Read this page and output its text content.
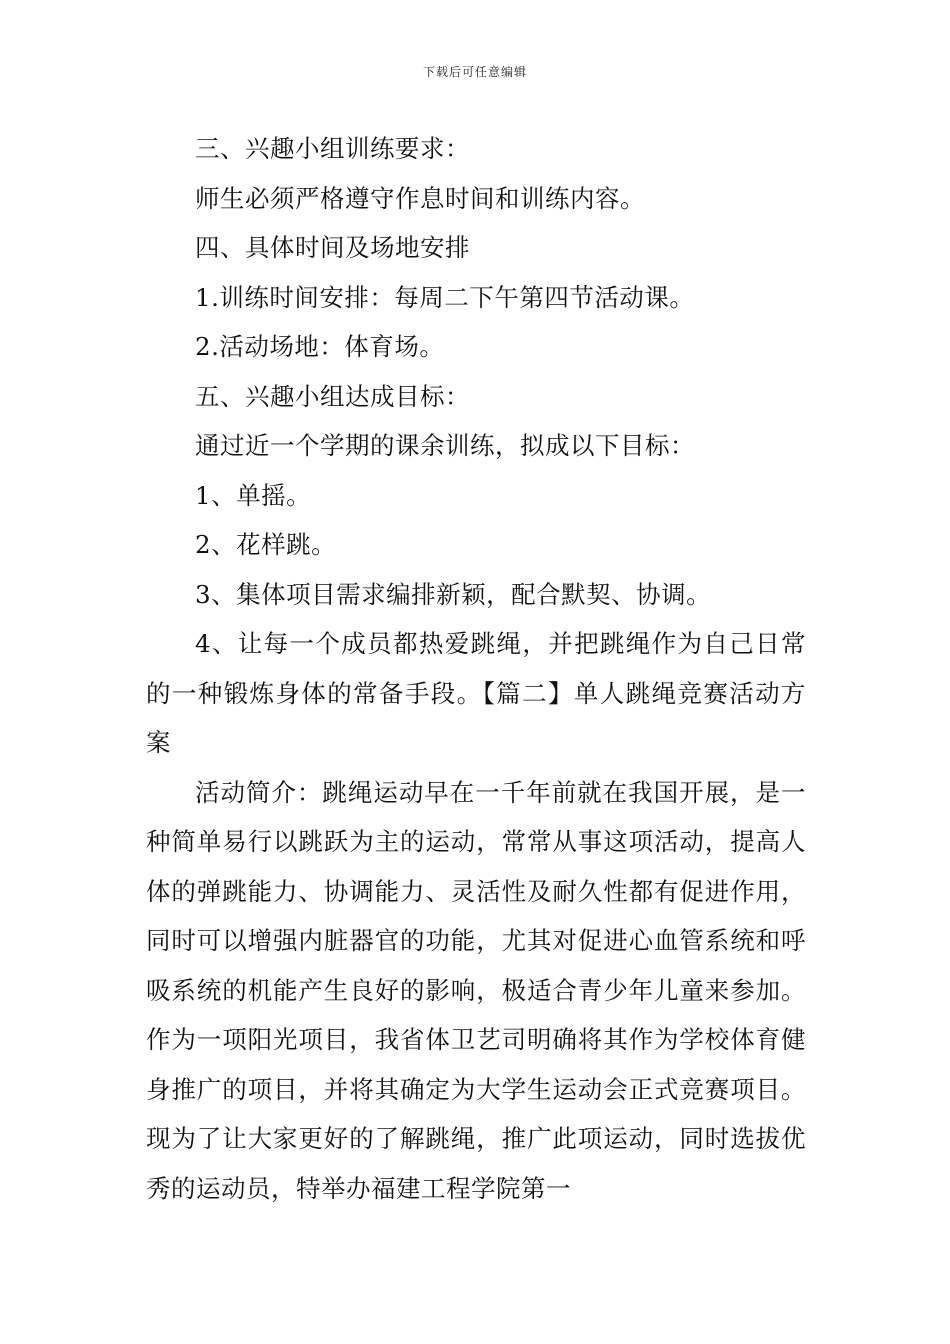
下载后可任意编辑

三、兴趣小组训练要求：

师生必须严格遵守作息时间和训练内容。

四、具体时间及场地安排

1.训练时间安排：每周二下午第四节活动课。

2.活动场地：体育场。

五、兴趣小组达成目标：

通过近一个学期的课余训练，拟成以下目标：

1、单摇。

2、花样跳。

3、集体项目需求编排新颖，配合默契、协调。

4、让每一个成员都热爱跳绳，并把跳绳作为自己日常的一种锻炼身体的常备手段。【篇二】单人跳绳竞赛活动方案

活动简介：跳绳运动早在一千年前就在我国开展，是一种简单易行以跳跃为主的运动，常常从事这项活动，提高人体的弹跳能力、协调能力、灵活性及耐久性都有促进作用，同时可以增强内脏器官的功能，尤其对促进心血管系统和呼吸系统的机能产生良好的影响，极适合青少年儿童来参加。作为一项阳光项目，我省体卫艺司明确将其作为学校体育健身推广的项目，并将其确定为大学生运动会正式竞赛项目。现为了让大家更好的了解跳绳，推广此项运动，同时选拔优秀的运动员，特举办福建工程学院第一
